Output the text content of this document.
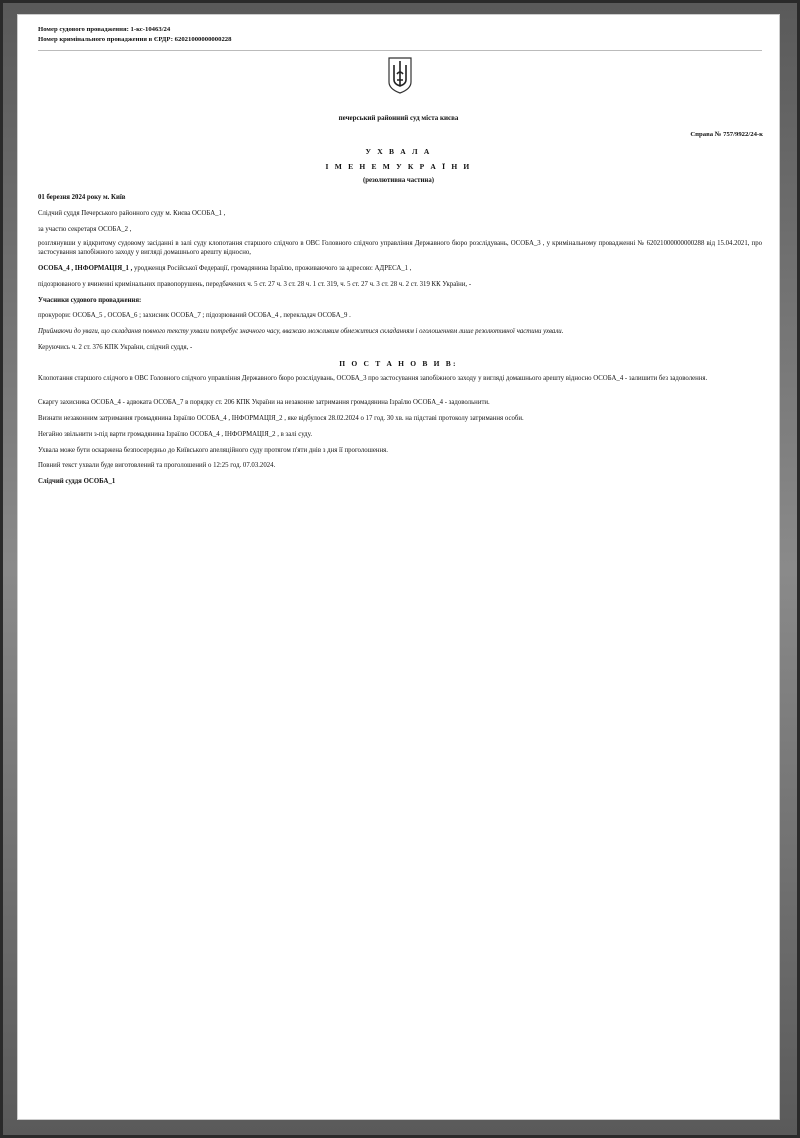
Номер судового провадження: 1-кс-10463/24
Номер кримінального провадження в ЄРДР: 62021000000000228
печерський районний суд міста києва
Справа № 757/9922/24-к
У Х В А Л А
І М Е Н Е М У К Р А Ї Н И
(резолютивна частина)
01 березня 2024 року м. Київ
Слідчий суддя Печерського районного суду м. Києва ОСОБА_1 ,
за участю секретаря ОСОБА_2 ,
розглянувши у відкритому судовому засіданні в залі суду клопотання старшого слідчого в ОВС Головного слідчого управління Державного бюро розслідувань, ОСОБА_3 , у кримінальному провадженні № 62021000000000288 від 15.04.2021, про застосування запобіжного заходу у вигляді домашнього арешту відносно,
ОСОБА_4 , ІНФОРМАЦІЯ_1 , уродженця Російської Федерації, громадянина Ізраїлю, проживаючого за адресою: АДРЕСА_1 ,
підозрюваного у вчиненні кримінальних правопорушень, передбачених ч. 5 ст. 27 ч. 3 ст. 28 ч. 1 ст. 319, ч. 5 ст. 27 ч. 3 ст. 28 ч. 2 ст. 319 КК України, -
Учасники судового провадження:
прокурори: ОСОБА_5 , ОСОБА_6 ; захисник ОСОБА_7 ; підозрюваний ОСОБА_4 , перекладач ОСОБА_9 .
Приймаючи до уваги, що складання повного тексту ухвали потребує значного часу, вважаю можливим обмежитися складанням і оголошенням лише резолютивної частини ухвали.
Керуючись ч. 2 ст. 376 КПК України, слідчий суддя, -
П О С Т А Н О В И В:
Клопотання старшого слідчого в ОВС Головного слідчого управління Державного бюро розслідувань, ОСОБА_3 про застосування запобіжного заходу у вигляді домашнього арешту відносно ОСОБА_4 - залишити без задоволення.
Скаргу захисника ОСОБА_4 - адвоката ОСОБА_7 в порядку ст. 206 КПК України на незаконне затримання громадянина Ізраїлю ОСОБА_4 - задовольнити.
Визнати незаконним затримання громадянина Ізраїлю ОСОБА_4 , ІНФОРМАЦІЯ_2 , яке відбулося 28.02.2024 о 17 год. 30 хв. на підставі протоколу затримання особи.
Негайно звільнити з-під варти громадянина Ізраїлю ОСОБА_4 , ІНФОРМАЦІЯ_2 , в залі суду.
Ухвала може бути оскаржена безпосередньо до Київського апеляційного суду протягом п'яти днів з дня її проголошення.
Повний текст ухвали буде виготовлений та проголошений о 12:25 год. 07.03.2024.
Слідчий суддя ОСОБА_1
